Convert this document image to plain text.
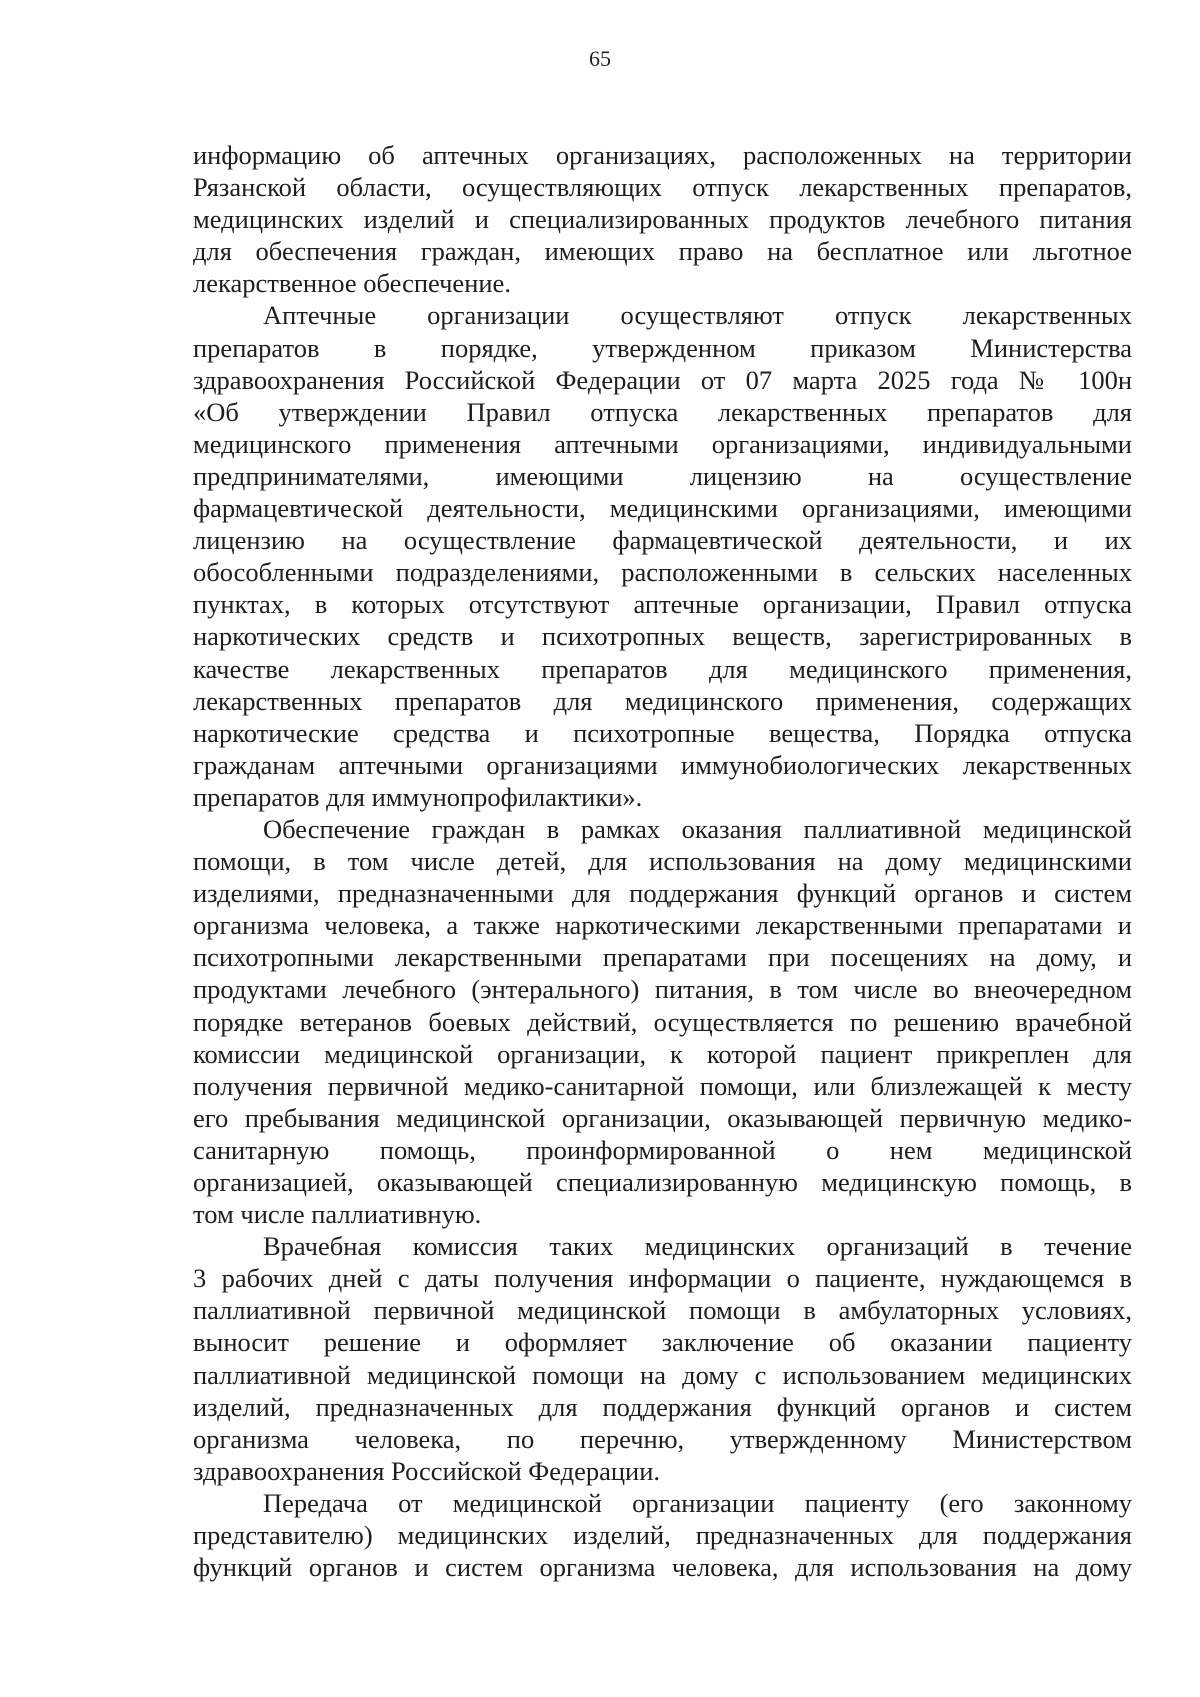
65
информацию об аптечных организациях, расположенных на территории
Рязанской области, осуществляющих отпуск лекарственных препаратов,
медицинских изделий и специализированных продуктов лечебного питания
для обеспечения граждан, имеющих право на бесплатное или льготное
лекарственное обеспечение.
Аптечные организации осуществляют отпуск лекарственных
препаратов в порядке, утвержденном приказом Министерства
здравоохранения Российской Федерации от 07 марта 2025 года № 100н
«Об утверждении Правил отпуска лекарственных препаратов для
медицинского применения аптечными организациями, индивидуальными
предпринимателями, имеющими лицензию на осуществление
фармацевтической деятельности, медицинскими организациями, имеющими
лицензию на осуществление фармацевтической деятельности, и их
обособленными подразделениями, расположенными в сельских населенных
пунктах, в которых отсутствуют аптечные организации, Правил отпуска
наркотических средств и психотропных веществ, зарегистрированных в
качестве лекарственных препаратов для медицинского применения,
лекарственных препаратов для медицинского применения, содержащих
наркотические средства и психотропные вещества, Порядка отпуска
гражданам аптечными организациями иммунобиологических лекарственных
препаратов для иммунопрофилактики».
Обеспечение граждан в рамках оказания паллиативной медицинской
помощи, в том числе детей, для использования на дому медицинскими
изделиями, предназначенными для поддержания функций органов и систем
организма человека, а также наркотическими лекарственными препаратами и
психотропными лекарственными препаратами при посещениях на дому, и
продуктами лечебного (энтерального) питания, в том числе во внеочередном
порядке ветеранов боевых действий, осуществляется по решению врачебной
комиссии медицинской организации, к которой пациент прикреплен для
получения первичной медико-санитарной помощи, или близлежащей к месту
его пребывания медицинской организации, оказывающей первичную медико-
санитарную помощь, проинформированной о нем медицинской
организацией, оказывающей специализированную медицинскую помощь, в
том числе паллиативную.
Врачебная комиссия таких медицинских организаций в течение
3 рабочих дней с даты получения информации о пациенте, нуждающемся в
паллиативной первичной медицинской помощи в амбулаторных условиях,
выносит решение и оформляет заключение об оказании пациенту
паллиативной медицинской помощи на дому с использованием медицинских
изделий, предназначенных для поддержания функций органов и систем
организма человека, по перечню, утвержденному Министерством
здравоохранения Российской Федерации.
Передача от медицинской организации пациенту (его законному
представителю) медицинских изделий, предназначенных для поддержания
функций органов и систем организма человека, для использования на дому
